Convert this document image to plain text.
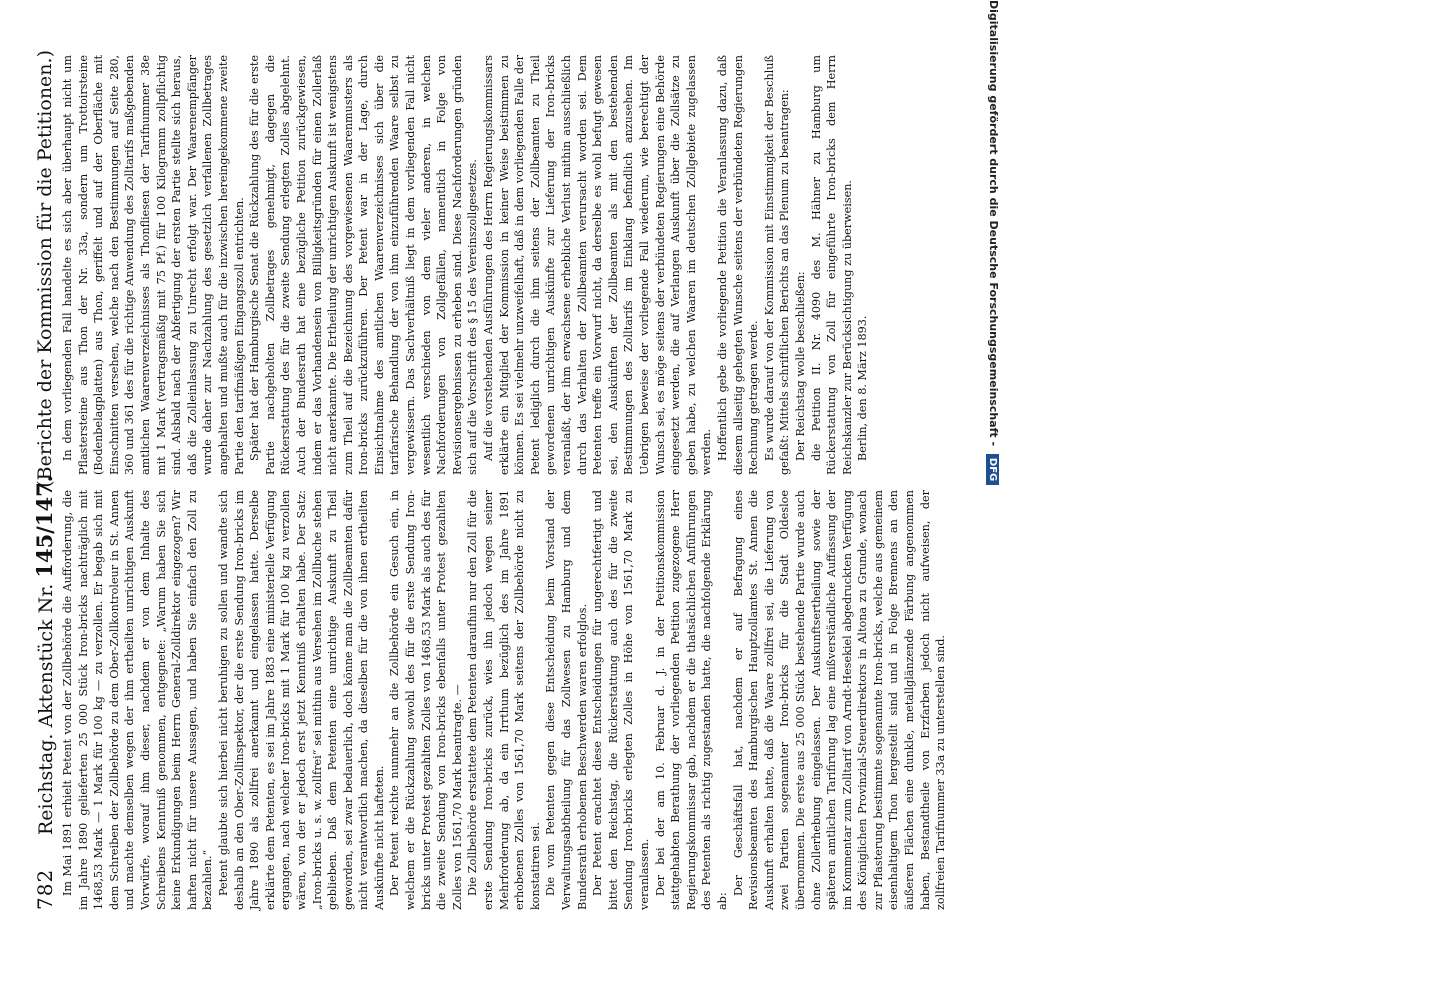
782
Reichstag. Aktenstück Nr. 145/147.
(Berichte der Kommission für die Petitionen.)

Im Mai 1891 erhielt Petent von der Zollbehörde die Aufforderung, die im Jahre 1890 gelieferten 25 000 Stück Iron-bricks nachträglich mit 1468,53 Mark — 1 Mark für 100 kg — zu verzollen. Er begab sich mit dem Schreiben der Zollbehörde zu dem Ober-Zollkontroleur in St. Annen und machte demselben wegen der ihm ertheilten unrichtigen Auskunft Vorwürfe, worauf ihm dieser, nachdem er von dem Inhalte des Schreibens Kenntniß genommen, entgegnete: „Warum haben Sie sich keine Erkundigungen beim Herrn General-Zolldirektor eingezogen? Wir haften nicht für unsere Aussagen, und haben Sie einfach den Zoll zu bezahlen.“ Petent glaubte sich hierbei nicht beruhigen zu sollen und wandte sich deshalb an den Ober-Zollinspektor, der die erste Sendung Iron-bricks im Jahre 1890 als zollfrei anerkannt und eingelassen hatte. Derselbe erklärte dem Petenten, es sei im Jahre 1883 eine ministerielle Verfügung ergangen, nach welcher Iron-bricks mit 1 Mark für 100 kg zu verzollen wären, von der er jedoch erst jetzt Kenntniß erhalten habe. Der Satz: „Iron-bricks u. s. w. zollfrei“ sei mithin aus Versehen im Zollbuche stehen geblieben. Daß dem Petenten eine unrichtige Auskunft zu Theil geworden, sei zwar bedauerlich, doch könne man die Zollbeamten dafür nicht verantwortlich machen, da dieselben für die von ihnen ertheilten Auskünfte nicht hafteten. Der Petent reichte nunmehr an die Zollbehörde ein Gesuch ein, in welchem er die Rückzahlung sowohl des für die erste Sendung Iron-bricks unter Protest gezahlten Zolles von 1468,53 Mark als auch des für die zweite Sendung von Iron-bricks ebenfalls unter Protest gezahlten Zolles von 1561,70 Mark beantragte. — Die Zollbehörde erstattete dem Petenten daraufhin nur den Zoll für die erste Sendung Iron-bricks zurück, wies ihn jedoch wegen seiner Mehrforderung ab, da ein Irrthum bezüglich des im Jahre 1891 erhobenen Zolles von 1561,70 Mark seitens der Zollbehörde nicht zu konstatiren sei. Die vom Petenten gegen diese Entscheidung beim Vorstand der Verwaltungsabtheilung für das Zollwesen zu Hamburg und dem Bundesrath erhobenen Beschwerden waren erfolglos. Der Petent erachtet diese Entscheidungen für ungerechtfertigt und bittet den Reichstag, die Rückerstattung auch des für die zweite Sendung Iron-bricks erlegten Zolles in Höhe von 1561,70 Mark zu veranlassen. Der bei der am 10. Februar d. J. in der Petitionskommission stattgehabten Berathung der vorliegenden Petition zugezogene Herr Regierungskommissar gab, nachdem er die thatsächlichen Anführungen des Petenten als richtig zugestanden hatte, die nachfolgende Erklärung ab:

Der Geschäftsfall hat, nachdem er auf Befragung eines Revisionsbeamten des Hamburgischen Hauptzollamtes St. Annen die Auskunft erhalten hatte, daß die Waare zollfrei sei, die Lieferung von zwei Partien sogenannter Iron-bricks für die Stadt Oldesloe übernommen. Die erste aus 25 000 Stück bestehende Partie wurde auch ohne Zollerhebung eingelassen. Der Auskunftsertheilung sowie der späteren amtlichen Tarifirung lag eine mißverständliche Auffassung der im Kommentar zum Zolltarif von Arndt-Hesekiel abgedruckten Verfügung des Königlichen Provinzial-Steuerdirektors in Altona zu Grunde, wonach zur Pflasterung bestimmte sogenannte Iron-bricks, welche aus gemeinem eisenhaltigem Thon hergestellt sind und in Folge Brennens an den äußeren Flächen eine dunkle, metallglänzende Färbung angenommen haben, Bestandtheile von Erzfarben jedoch nicht aufweisen, der zollfreien Tarifnummer 33a zu unterstellen sind.

In dem vorliegenden Fall handelte es sich aber überhaupt nicht um Pflastersteine aus Thon der Nr. 33a, sondern um Trottoirsteine (Bodenbelagplatten) aus Thon, geriffelt und auf der Oberfläche mit Einschnitten versehen, welche nach den Bestimmungen auf Seite 280, 360 und 361 des für die richtige Anwendung des Zolltarifs maßgebenden amtlichen Waarenverzeichnisses als Thonfliesen der Tarifnummer 38e mit 1 Mark (vertragsmäßig mit 75 Pf.) für 100 Kilogramm zollpflichtig sind. Alsbald nach der Abfertigung der ersten Partie stellte sich heraus, daß die Zolleinlassung zu Unrecht erfolgt war. Der Waarenempfänger wurde daher zur Nachzahlung des gesetzlich verfallenen Zollbetrages angehalten und mußte auch für die inzwischen hereingekommene zweite Partie den tarifmäßigen Eingangszoll entrichten. Später hat der Hamburgische Senat die Rückzahlung des für die erste Partie nachgeholten Zollbetrages genehmigt, dagegen die Rückerstattung des für die zweite Sendung erlegten Zolles abgelehnt. Auch der Bundesrath hat eine bezügliche Petition zurückgewiesen, indem er das Vorhandensein von Billigkeitsgründen für einen Zollerlaß nicht anerkannte. Die Ertheilung der unrichtigen Auskunft ist wenigstens zum Theil auf die Bezeichnung des vorgewiesenen Waarenmusters als Iron-bricks zurückzuführen. Der Petent war in der Lage, durch Einsichtnahme des amtlichen Waarenverzeichnisses sich über die tarifarische Behandlung der von ihm einzuführenden Waare selbst zu vergewissern. Das Sachverhältniß liegt in dem vorliegenden Fall nicht wesentlich verschieden von dem vieler anderen, in welchen Nachforderungen von Zollgefällen, namentlich in Folge von Revisionsergebnissen zu erheben sind. Diese Nachforderungen gründen sich auf die Vorschrift des § 15 des Vereinszollgesetzes. Auf die vorstehenden Ausführungen des Herrn Regierungskommissars erklärte ein Mitglied der Kommission in keiner Weise beistimmen zu können. Es sei vielmehr unzweifelhaft, daß in dem vorliegenden Falle der Petent lediglich durch die ihm seitens der Zollbeamten zu Theil gewordenen unrichtigen Auskünfte zur Lieferung der Iron-bricks veranlaßt, der ihm erwachsene erhebliche Verlust mithin ausschließlich durch das Verhalten der Zollbeamten verursacht worden sei. Dem Petenten treffe ein Vorwurf nicht, da derselbe es wohl befugt gewesen sei, den Auskünften der Zollbeamten als mit den bestehenden Bestimmungen des Zolltarifs im Einklang befindlich anzusehen. Im Uebrigen beweise der vorliegende Fall wiederum, wie berechtigt der Wunsch sei, es möge seitens der verbündeten Regierungen eine Behörde eingesetzt werden, die auf Verlangen Auskunft über die Zollsätze zu geben habe, zu welchen Waaren im deutschen Zollgebiete zugelassen werden. Hoffentlich gebe die vorliegende Petition die Veranlassung dazu, daß diesem allseitig gehegten Wunsche seitens der verbündeten Regierungen Rechnung getragen werde. Es wurde darauf von der Kommission mit Einstimmigkeit der Beschluß gefaßt: Mittels schriftlichen Berichts an das Plenum zu beantragen: Der Reichstag wolle beschließen: die Petition II. Nr. 4090 des M. Hähner zu Hamburg um Rückerstattung von Zoll für eingeführte Iron-bricks dem Herrn Reichskanzler zur Berücksichtigung zu überweisen. Berlin, den 8. März 1893.	Digitalisierung gefördert durch die Deutsche Forschungsgemeinschaft - DFG
